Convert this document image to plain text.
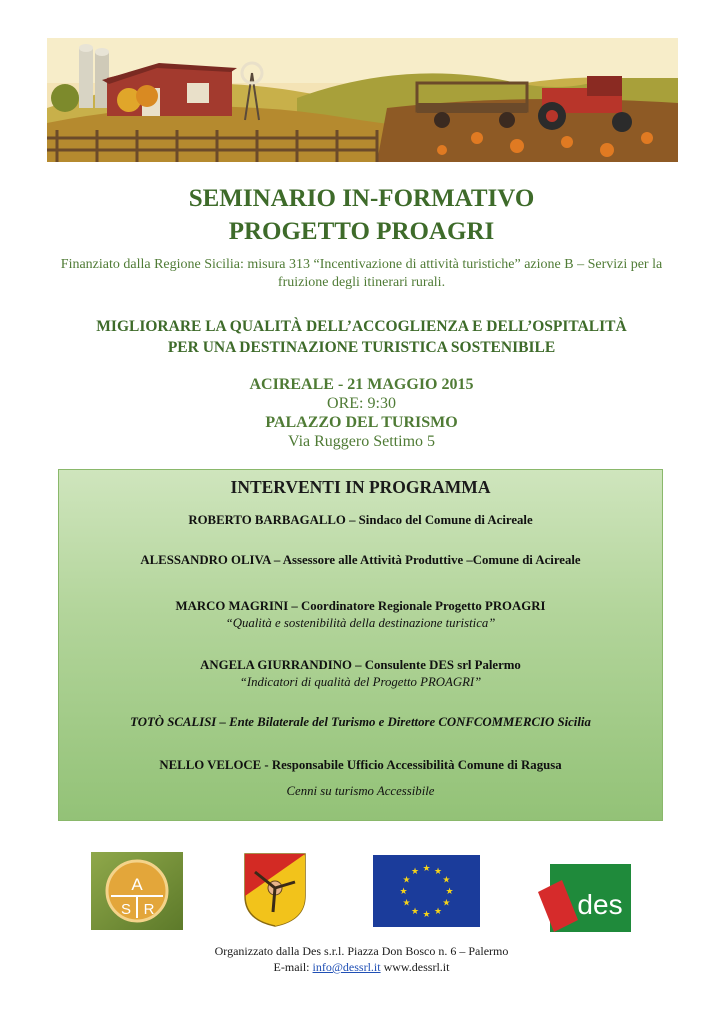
SEMINARIO IN-FORMATIVO
PROGETTO PROAGRI
Finanziato dalla Regione Sicilia: misura 313 “Incentivazione di attività turistiche” azione B – Servizi per la
fruizione degli itinerari rurali.
MIGLIORARE LA QUALITÀ DELL’ACCOGLIENZA E DELL’OSPITALITÀ
PER UNA DESTINAZIONE TURISTICA SOSTENIBILE
ACIREALE - 21 MAGGIO 2015
ORE: 9:30
PALAZZO DEL TURISMO
Via Ruggero Settimo 5
INTERVENTI IN PROGRAMMA
ROBERTO BARBAGALLO – Sindaco del Comune di Acireale
ALESSANDRO OLIVA – Assessore alle Attività Produttive –Comune di Acireale
MARCO MAGRINI – Coordinatore Regionale Progetto PROAGRI
“Qualità e sostenibilità della destinazione turistica”
ANGELA GIURRANDINO – Consulente DES srl Palermo
“Indicatori di qualità del Progetto PROAGRI”
TOTÒ SCALISI – Ente Bilaterale del Turismo e Direttore CONFCOMMERCIO Sicilia
NELLO VELOCE - Responsabile Ufficio Accessibilità Comune di Ragusa
Cenni su turismo Accessibile
A
S R
★ ★
★
★
★
★
★
★
★
★
★
★
des
Organizzato dalla Des s.r.l. Piazza Don Bosco n. 6 – Palermo
E-mail: info@dessrl.it www.dessrl.it
